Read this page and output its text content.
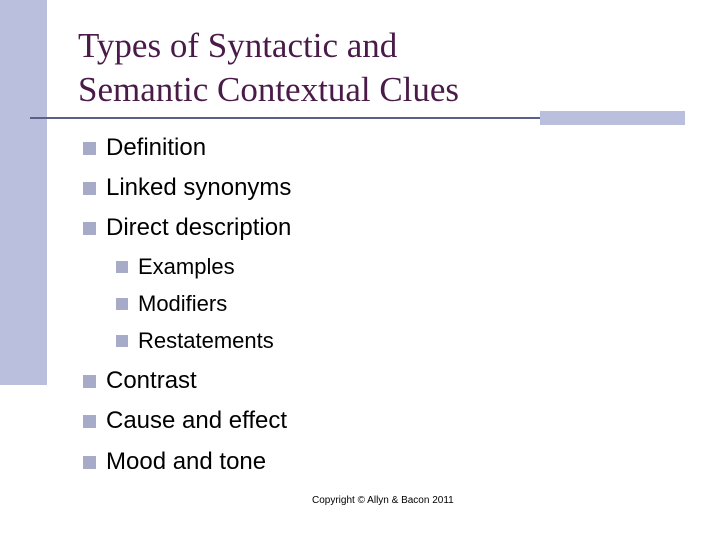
Types of Syntactic and
Semantic Contextual Clues
Definition
Linked synonyms
Direct description
Examples
Modifiers
Restatements
Contrast
Cause and effect
Mood and tone
Copyright © Allyn & Bacon 2011
